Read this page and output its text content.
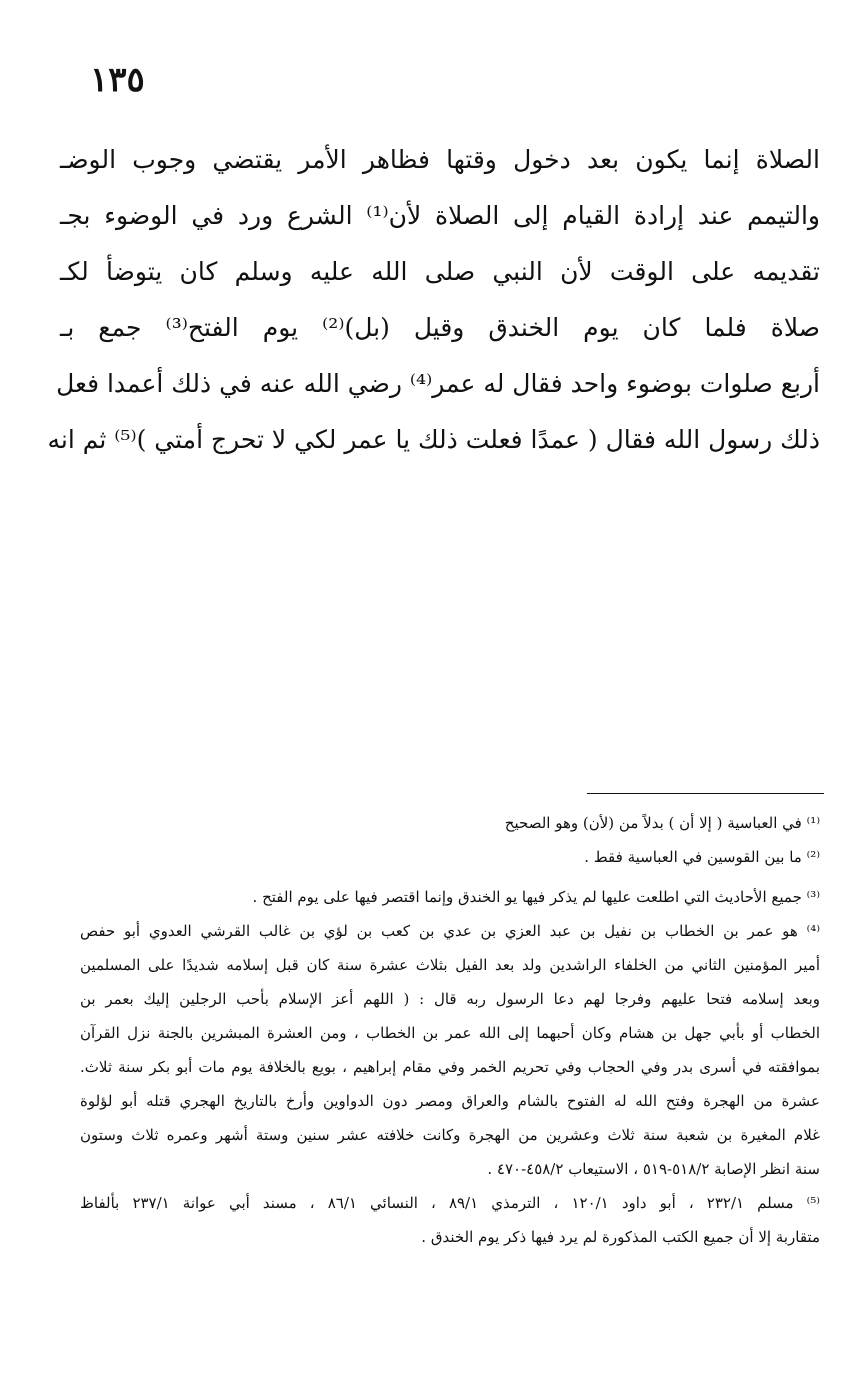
١٣٥
الصلاة إنما يكون بعد دخول وقتها فظاهر الأمر يقتضي وجوب الوضـ
والتيمم عند إرادة القيام إلى الصلاة لأن⁽¹⁾ الشرع ورد في الوضوء بجـ
تقديمه على الوقت لأن النبي صلى الله عليه وسلم كان يتوضأ لكـ
صلاة فلما كان يوم الخندق وقيل (بل)⁽²⁾ يوم الفتح⁽³⁾ جمع بـ
أربع صلوات بوضوء واحد فقال له عمر⁽⁴⁾ رضي الله عنه في ذلك أعمدا فعل
ذلك رسول الله فقال ( عمدًا فعلت ذلك يا عمر لكي لا تحرج أمتي )⁽⁵⁾ ثم انه
⁽¹⁾ في العباسية ( إلا أن ) بدلاً من (لأن) وهو الصحيح
⁽²⁾ ما بين القوسين في العباسية فقط .
⁽³⁾ جميع الأحاديث التي اطلعت عليها لم يذكر فيها يو الخندق وإنما اقتصر فيها على يوم الفتح .
⁽⁴⁾ هو عمر بن الخطاب بن نفيل بن عبد العزي بن عدي بن كعب بن لؤي بن غالب القرشي العدوي أبو حفص
أمير المؤمنين الثاني من الخلفاء الراشدين ولد بعد الفيل بثلاث عشرة سنة كان قبل إسلامه شديدًا على المسلمين
وبعد إسلامه فتحا عليهم وفرجا لهم دعا الرسول ربه قال : ( اللهم أعز الإسلام بأحب الرجلين إليك بعمر بن
الخطاب أو بأبي جهل بن هشام وكان أحبهما إلى الله عمر بن الخطاب ، ومن العشرة المبشرين بالجنة نزل القرآن
بموافقته في أسرى بدر وفي الحجاب وفي تحريم الخمر وفي مقام إبراهيم ، بويع بالخلافة يوم مات أبو بكر سنة ثلاث.
عشرة من الهجرة وفتح الله له الفتوح بالشام والعراق ومصر دون الدواوين وأرخ بالتاريخ الهجري قتله أبو لؤلوة
غلام المغيرة بن شعبة سنة ثلاث وعشرين من الهجرة وكانت خلافته عشر سنين وستة أشهر وعمره ثلاث وستون
سنة انظر الإصابة ٥١٨/٢-٥١٩ ، الاستيعاب ٤٥٨/٢-٤٧٠ .
⁽⁵⁾ مسلم ٢٣٢/١ ، أبو داود ١٢٠/١ ، الترمذي ٨٩/١ ، النسائي ٨٦/١ ، مسند أبي عوانة ٢٣٧/١ بألفاظ
متقاربة إلا أن جميع الكتب المذكورة لم يرد فيها ذكر يوم الخندق .
